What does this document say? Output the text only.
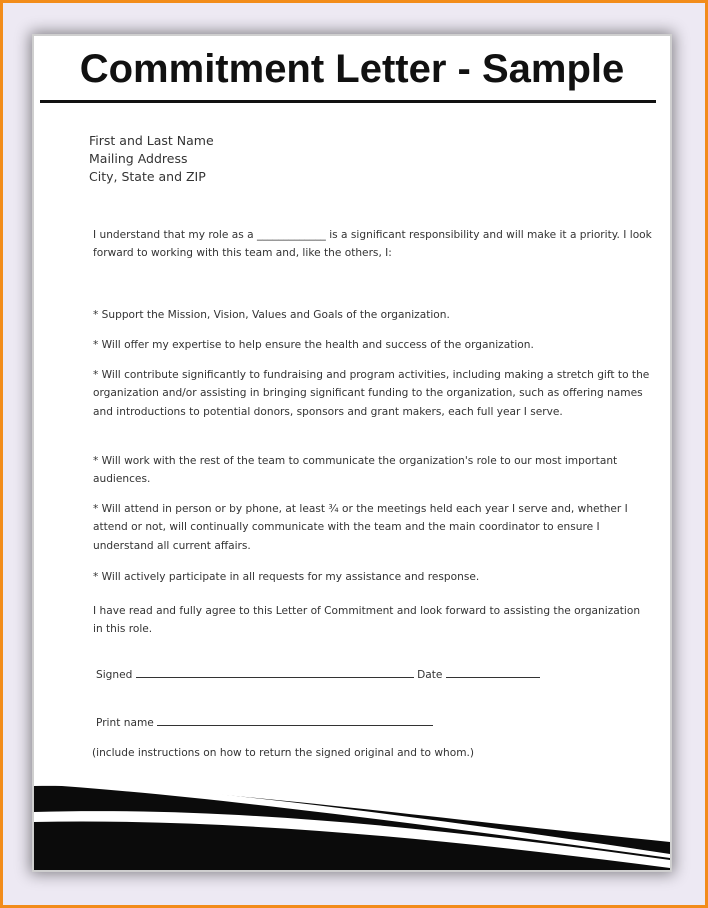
Commitment Letter - Sample
First and Last Name
Mailing Address
City, State and ZIP
I understand that my role as a _____________ is a significant responsibility and will make it a priority. I look forward to working with this team and, like the others, I:
* Support the Mission, Vision, Values and Goals of the organization.
* Will offer my expertise to help ensure the health and success of the organization.
* Will contribute significantly to fundraising and program activities, including making a stretch gift to the organization and/or assisting in bringing significant funding to the organization, such as offering names and introductions to potential donors, sponsors and grant makers, each full year I serve.
* Will work with the rest of the team to communicate the organization's role to our most important audiences.
* Will attend in person or by phone, at least ¾ or the meetings held each year I serve and, whether I attend or not, will continually communicate with the team and the main coordinator to ensure I understand all current affairs.
* Will actively participate in all requests for my assistance and response.
I have read and fully agree to this Letter of Commitment and look forward to assisting the organization in this role.
Signed	Date
Print name
(include instructions on how to return the signed original and to whom.)
